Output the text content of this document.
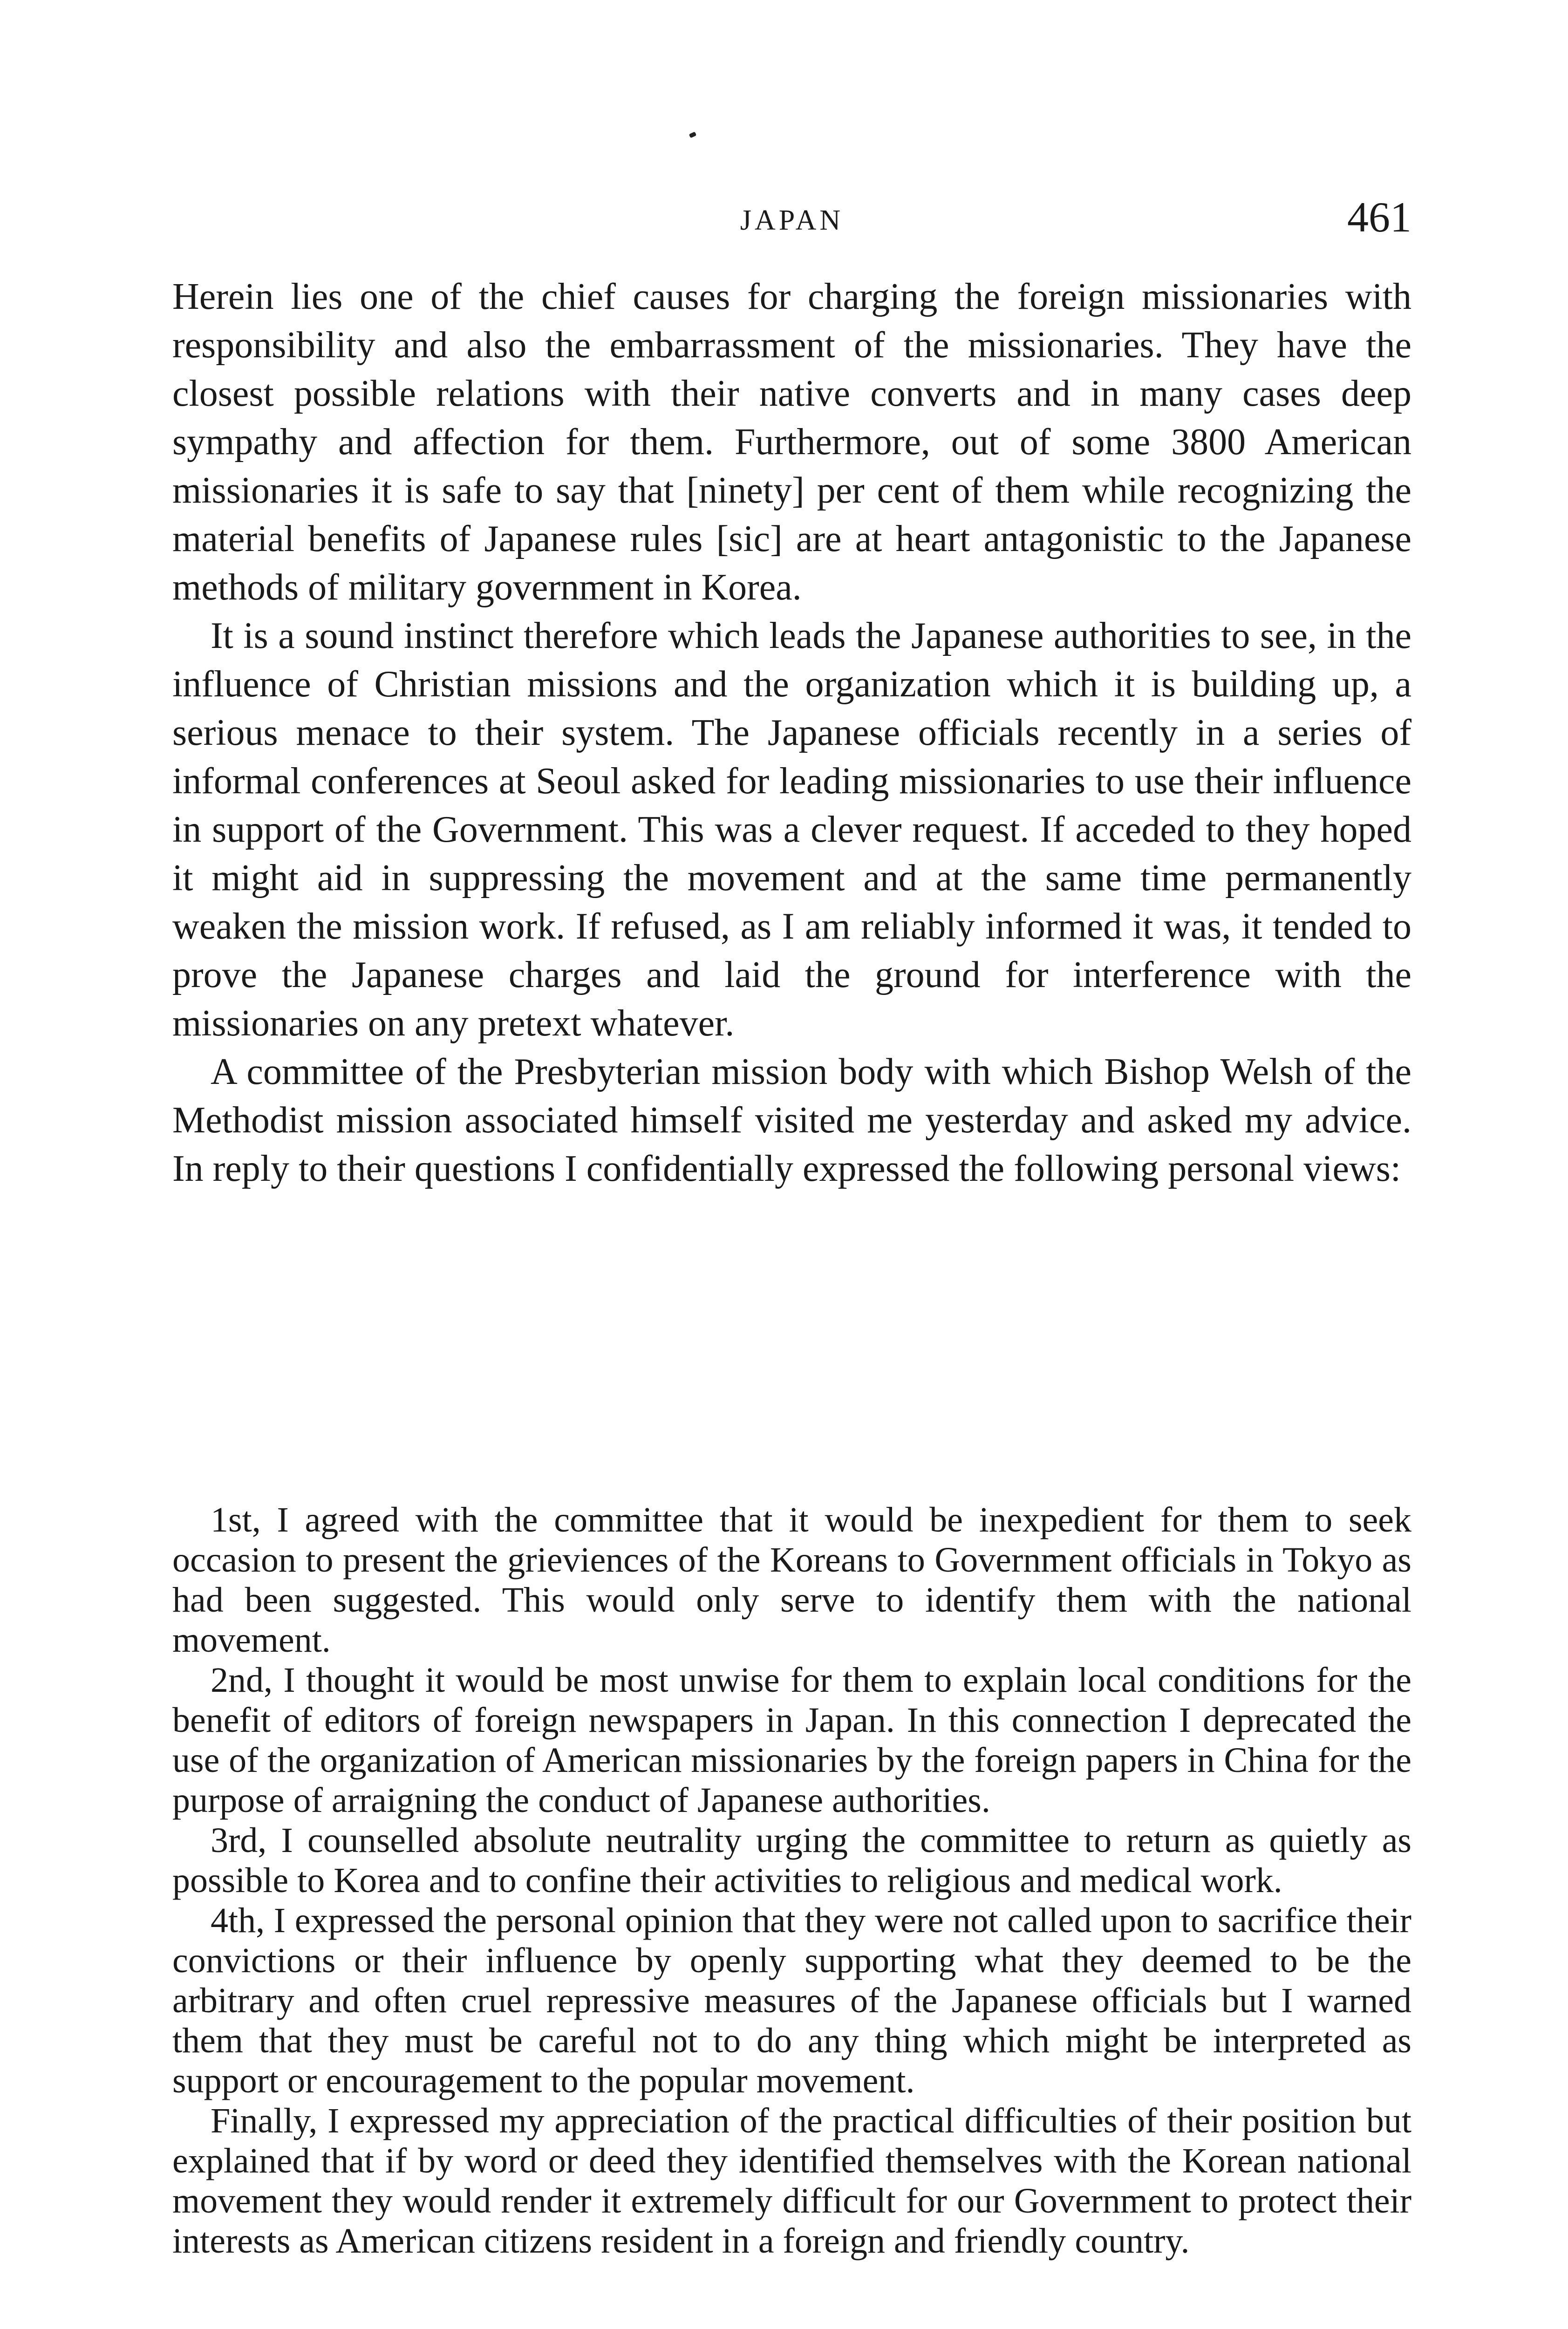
JAPAN	461

Herein lies one of the chief causes for charging the foreign missionaries with responsibility and also the embarrassment of the missionaries. They have the closest possible relations with their native converts and in many cases deep sympathy and affection for them. Furthermore, out of some 3800 American missionaries it is safe to say that [ninety] per cent of them while recognizing the material benefits of Japanese rules [sic] are at heart antagonistic to the Japanese methods of military government in Korea.

It is a sound instinct therefore which leads the Japanese authorities to see, in the influence of Christian missions and the organization which it is building up, a serious menace to their system. The Japanese officials recently in a series of informal conferences at Seoul asked for leading missionaries to use their influence in support of the Government. This was a clever request. If acceded to they hoped it might aid in suppressing the movement and at the same time permanently weaken the mission work. If refused, as I am reliably informed it was, it tended to prove the Japanese charges and laid the ground for interference with the missionaries on any pretext whatever.

A committee of the Presbyterian mission body with which Bishop Welsh of the Methodist mission associated himself visited me yesterday and asked my advice. In reply to their questions I confidentially expressed the following personal views:

1st, I agreed with the committee that it would be inexpedient for them to seek occasion to present the grieviences of the Koreans to Government officials in Tokyo as had been suggested. This would only serve to identify them with the national movement.

2nd, I thought it would be most unwise for them to explain local conditions for the benefit of editors of foreign newspapers in Japan. In this connection I deprecated the use of the organization of American missionaries by the foreign papers in China for the purpose of arraigning the conduct of Japanese authorities.

3rd, I counselled absolute neutrality urging the committee to return as quietly as possible to Korea and to confine their activities to religious and medical work.

4th, I expressed the personal opinion that they were not called upon to sacrifice their convictions or their influence by openly supporting what they deemed to be the arbitrary and often cruel repressive measures of the Japanese officials but I warned them that they must be careful not to do any thing which might be interpreted as support or encouragement to the popular movement.

Finally, I expressed my appreciation of the practical difficulties of their position but explained that if by word or deed they identified themselves with the Korean national movement they would render it extremely difficult for our Government to protect their interests as American citizens resident in a foreign and friendly country.
